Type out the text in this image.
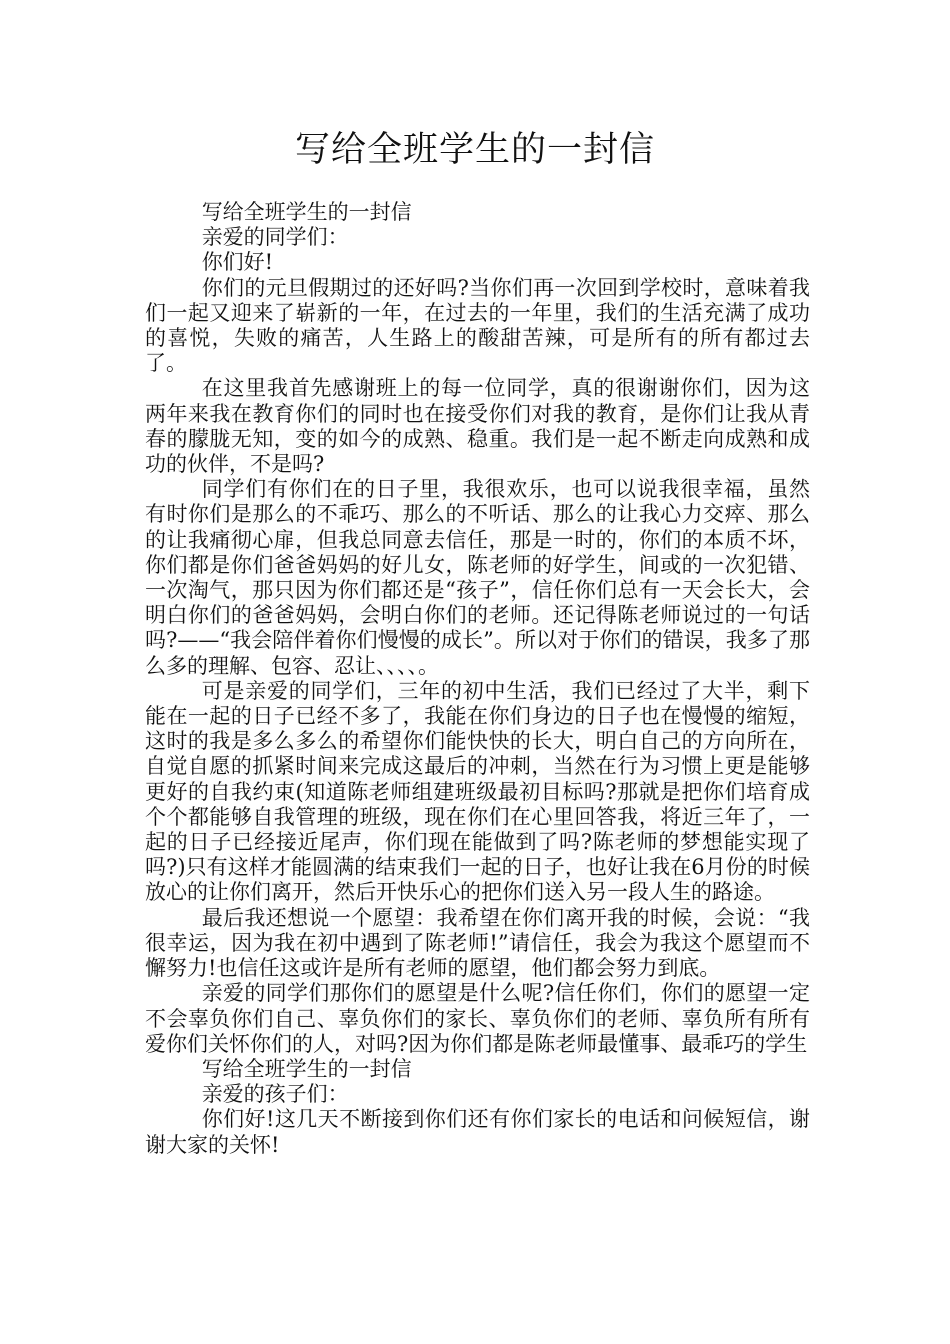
写给全班学生的一封信

写给全班学生的一封信

亲爱的同学们：

你们好!

你们的元旦假期过的还好吗?当你们再一次回到学校时，意味着我们一起又迎来了崭新的一年，在过去的一年里，我们的生活充满了成功的喜悦，失败的痛苦，人生路上的酸甜苦辣，可是所有的所有都过去了。

在这里我首先感谢班上的每一位同学，真的很谢谢你们，因为这两年来我在教育你们的同时也在接受你们对我的教育，是你们让我从青春的朦胧无知，变的如今的成熟、稳重。我们是一起不断走向成熟和成功的伙伴，不是吗?

同学们有你们在的日子里，我很欢乐，也可以说我很幸福，虽然有时你们是那么的不乖巧、那么的不听话、那么的让我心力交瘁、那么的让我痛彻心扉，但我总同意去信任，那是一时的，你们的本质不坏，你们都是你们爸爸妈妈的好儿女，陈老师的好学生，间或的一次犯错、一次淘气，那只因为你们都还是“孩子”，信任你们总有一天会长大，会明白你们的爸爸妈妈，会明白你们的老师。还记得陈老师说过的一句话吗?——“我会陪伴着你们慢慢的成长”。所以对于你们的错误，我多了那么多的理解、包容、忍让、、、、。

可是亲爱的同学们，三年的初中生活，我们已经过了大半，剩下能在一起的日子已经不多了，我能在你们身边的日子也在慢慢的缩短，这时的我是多么多么的希望你们能快快的长大，明白自己的方向所在，自觉自愿的抓紧时间来完成这最后的冲刺，当然在行为习惯上更是能够更好的自我约束(知道陈老师组建班级最初目标吗?那就是把你们培育成个个都能够自我管理的班级，现在你们在心里回答我，将近三年了，一起的日子已经接近尾声，你们现在能做到了吗?陈老师的梦想能实现了吗?)只有这样才能圆满的结束我们一起的日子，也好让我在6月份的时候放心的让你们离开，然后开快乐心的把你们送入另一段人生的路途。

最后我还想说一个愿望：我希望在你们离开我的时候，会说：“我很幸运，因为我在初中遇到了陈老师!”请信任，我会为我这个愿望而不懈努力!也信任这或许是所有老师的愿望，他们都会努力到底。

亲爱的同学们那你们的愿望是什么呢?信任你们，你们的愿望一定不会辜负你们自己、辜负你们的家长、辜负你们的老师、辜负所有所有爱你们关怀你们的人，对吗?因为你们都是陈老师最懂事、最乖巧的学生

写给全班学生的一封信

亲爱的孩子们：

你们好!这几天不断接到你们还有你们家长的电话和问候短信，谢谢大家的关怀!
